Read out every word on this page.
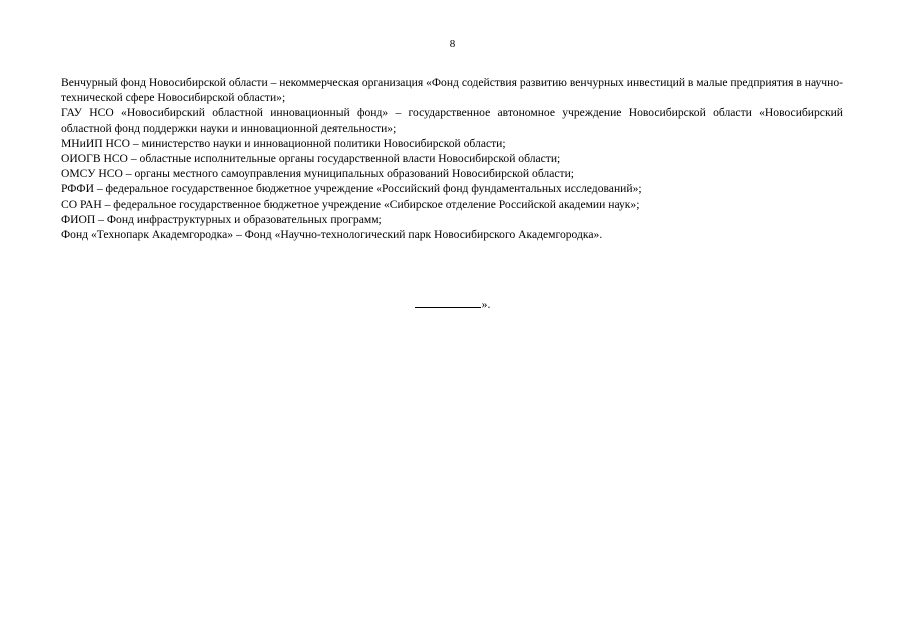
8

Венчурный фонд Новосибирской области – некоммерческая организация «Фонд содействия развитию венчурных инвестиций в малые предприятия в научно-технической сфере Новосибирской области»;

ГАУ НСО «Новосибирский областной инновационный фонд» – государственное автономное учреждение Новосибирской области «Новосибирский областной фонд поддержки науки и инновационной деятельности»;

МНиИП НСО – министерство науки и инновационной политики Новосибирской области;

ОИОГВ НСО – областные исполнительные органы государственной власти Новосибирской области;

ОМСУ НСО – органы местного самоуправления муниципальных образований Новосибирской области;

РФФИ – федеральное государственное бюджетное учреждение «Российский фонд фундаментальных исследований»;

СО РАН – федеральное государственное бюджетное учреждение «Сибирское отделение Российской академии наук»;

ФИОП – Фонд инфраструктурных и образовательных программ;

Фонд «Технопарк Академгородка» – Фонд «Научно-технологический парк Новосибирского Академгородка».

».
